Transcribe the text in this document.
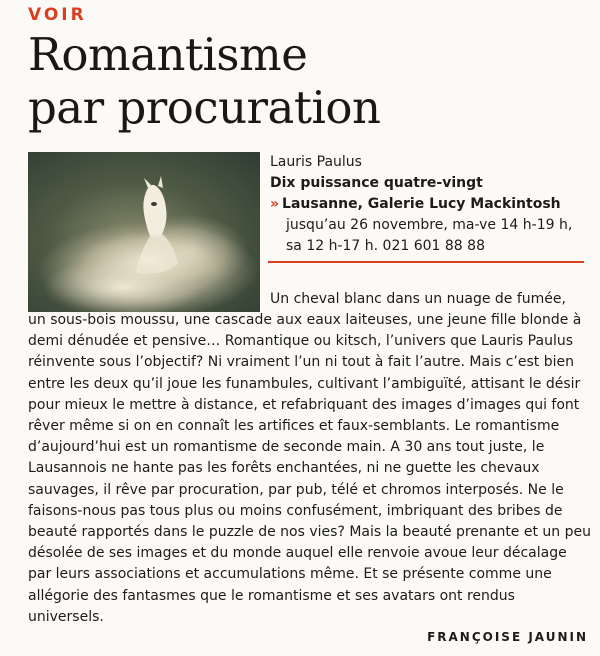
VOIR
Romantisme
par procuration
Lauris Paulus
Dix puissance quatre-vingt
» Lausanne, Galerie Lucy Mackintosh
jusqu’au 26 novembre, ma-ve 14 h-19 h,
sa 12 h-17 h. 021 601 88 88

Un cheval blanc dans un nuage de fumée,

un sous-bois moussu, une cascade aux eaux laiteuses, une jeune fille blonde à demi dénudée et pensive… Romantique ou kitsch, l’univers que Lauris Paulus réinvente sous l’objectif? Ni vraiment l’un ni tout à fait l’autre. Mais c’est bien entre les deux qu’il joue les funambules, cultivant l’ambiguïté, attisant le désir pour mieux le mettre à distance, et refabriquant des images d’images qui font rêver même si on en connaît les artifices et faux-semblants. Le romantisme d’aujourd’hui est un romantisme de seconde main. A 30 ans tout juste, le Lausannois ne hante pas les forêts enchantées, ni ne guette les chevaux sauvages, il rêve par procuration, par pub, télé et chromos interposés. Ne le faisons-nous pas tous plus ou moins confusément, imbriquant des bribes de beauté rapportés dans le puzzle de nos vies? Mais la beauté prenante et un peu désolée de ses images et du monde auquel elle renvoie avoue leur décalage par leurs associations et accumulations même. Et se présente comme une allégorie des fantasmes que le romantisme et ses avatars ont rendus universels.

FRANÇOISE JAUNIN
